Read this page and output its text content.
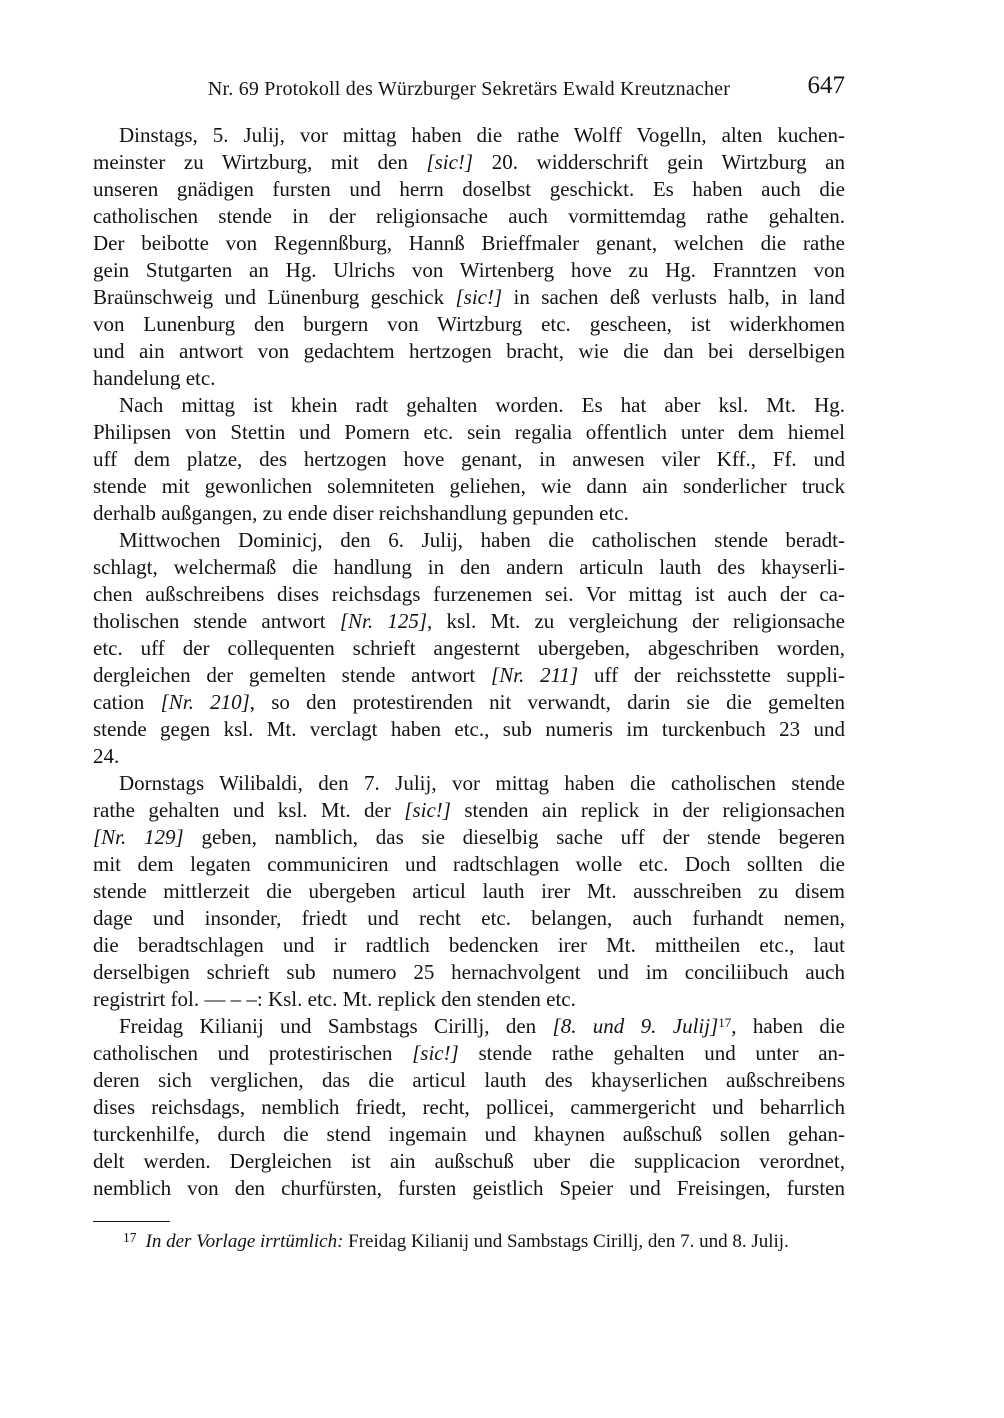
Nr. 69 Protokoll des Würzburger Sekretärs Ewald Kreutznacher	647
Dinstags, 5. Julij, vor mittag haben die rathe Wolff Vogelln, alten kuchen-
meinster zu Wirtzburg, mit den [sic!] 20. widderschrift gein Wirtzburg an
unseren gnädigen fursten und herrn doselbst geschickt. Es haben auch die
catholischen stende in der religionsache auch vormittemdag rathe gehalten.
Der beibotte von Regennßburg, Hannß Brieffmaler genant, welchen die rathe
gein Stutgarten an Hg. Ulrichs von Wirtenberg hove zu Hg. Franntzen von
Braünschweig und Lünenburg geschick [sic!] in sachen deß verlusts halb, in land
von Lunenburg den burgern von Wirtzburg etc. gescheen, ist widerkhomen
und ain antwort von gedachtem hertzogen bracht, wie die dan bei derselbigen
handelung etc.
Nach mittag ist khein radt gehalten worden. Es hat aber ksl. Mt. Hg.
Philipsen von Stettin und Pomern etc. sein regalia offentlich unter dem hiemel
uff dem platze, des hertzogen hove genant, in anwesen viler Kff., Ff. und
stende mit gewonlichen solemniteten geliehen, wie dann ain sonderlicher truck
derhalb außgangen, zu ende diser reichshandlung gepunden etc.
Mittwochen Dominicj, den 6. Julij, haben die catholischen stende beradt-
schlagt, welchermaß die handlung in den andern articuln lauth des khayserli-
chen außschreibens dises reichsdags furzenemen sei. Vor mittag ist auch der ca-
tholischen stende antwort [Nr. 125], ksl. Mt. zu vergleichung der religionsache
etc. uff der collequenten schrieft angesternt ubergeben, abgeschriben worden,
dergleichen der gemelten stende antwort [Nr. 211] uff der reichsstette suppli-
cation [Nr. 210], so den protestirenden nit verwandt, darin sie die gemelten
stende gegen ksl. Mt. verclagt haben etc., sub numeris im turckenbuch 23 und
24.
Dornstags Wilibaldi, den 7. Julij, vor mittag haben die catholischen stende
rathe gehalten und ksl. Mt. der [sic!] stenden ain replick in der religionsachen
[Nr. 129] geben, namblich, das sie dieselbig sache uff der stende begeren
mit dem legaten communiciren und radtschlagen wolle etc. Doch sollten die
stende mittlerzeit die ubergeben articul lauth irer Mt. ausschreiben zu disem
dage und insonder, friedt und recht etc. belangen, auch furhandt nemen,
die beradtschlagen und ir radtlich bedencken irer Mt. mittheilen etc., laut
derselbigen schrieft sub numero 25 hernachvolgent und im conciliibuch auch
registrirt fol. — – –: Ksl. etc. Mt. replick den stenden etc.
Freidag Kilianij und Sambstags Cirillj, den [8. und 9. Julij]$^{17}$, haben die
catholischen und protestirischen [sic!] stende rathe gehalten und unter an-
deren sich verglichen, das die articul lauth des khayserlichen außschreibens
dises reichsdags, nemblich friedt, recht, pollicei, cammergericht und beharrlich
turckenhilfe, durch die stend ingemain und khaynen außschuß sollen gehan-
delt werden. Dergleichen ist ain außschuß uber die supplicacion verordnet,
nemblich von den churfürsten, fursten geistlich Speier und Freisingen, fursten
$^{17}$ In der Vorlage irrtümlich: Freidag Kilianij und Sambstags Cirillj, den 7. und 8. Julij.
